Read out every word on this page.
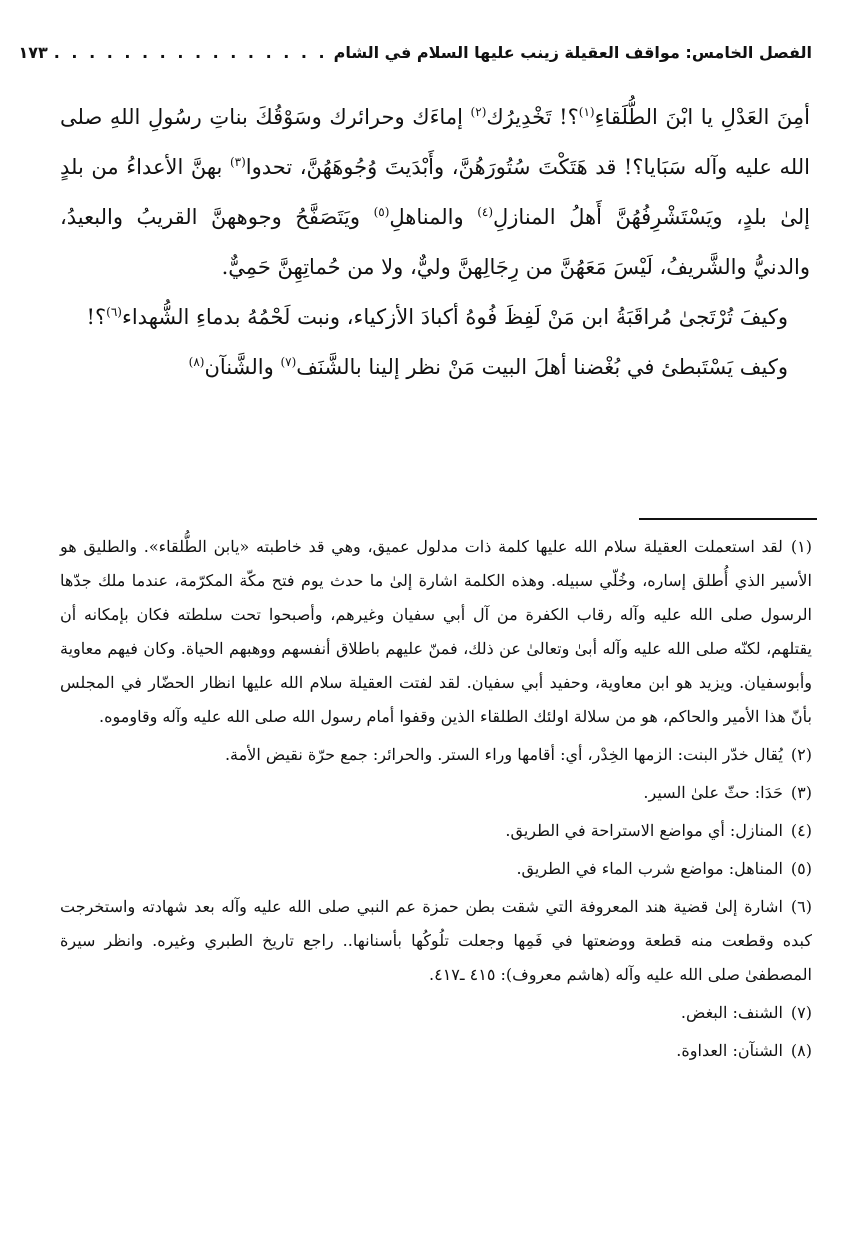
الفصل الخامس: مواقف العقيلة زينب عليها السلام في الشام
. . . . . . . . . . . . . . . .
١٧٣

أمِنَ العَدْلِ يا ابْنَ الطُّلَقاءِ$^{(١)}$؟! تَخْدِيرُك$^{(٢)}$ إماءَك وحرائرك وسَوْقُكَ بناتِ رسُولِ اللهِ صلى الله عليه وآله سَبَايا؟! قد هَتَكْتَ سُتُورَهُنَّ، وأَبْدَيتَ وُجُوهَهُنَّ، تحدوا$^{(٣)}$ بهنَّ الأعداءُ من بلدٍ إلىٰ بلدٍ، ويَسْتَشْرِفُهُنَّ أَهلُ المنازلِ$^{(٤)}$ والمناهلِ$^{(٥)}$ ويَتَصَفَّحُ وجوههنَّ القريبُ والبعيدُ، والدنيُّ والشَّريفُ، لَيْسَ مَعَهُنَّ من رِجَالِهنَّ وليٌّ، ولا من حُماتِهِنَّ حَمِيٌّ.

وكيفَ تُرْتَجىٰ مُراقَبَةُ ابن مَنْ لَفِظَ فُوهُ أكبادَ الأزكياء، ونبت لَحْمُهُ بدماءِ الشُّهداء$^{(٦)}$؟!

وكيف يَسْتَبطئ في بُغْضنا أهلَ البيت مَنْ نظر إلينا بالشَّنَف$^{(٧)}$ والشَّنآن$^{(٨)}$

(١)لقد استعملت العقيلة سلام الله عليها كلمة ذات مدلول عميق، وهي قد خاطبته «يابن الطُّلقاء». والطليق هو الأسير الذي أُطلق إساره، وخُلّي سبيله. وهذه الكلمة اشارة إلىٰ ما حدث يوم فتح مكّة المكرّمة، عندما ملك جدّها الرسول صلى الله عليه وآله رقاب الكفرة من آل أبي سفيان وغيرهم، وأصبحوا تحت سلطته فكان بإمكانه أن يقتلهم، لكنّه صلى الله عليه وآله أبىٰ وتعالىٰ عن ذلك، فمنّ عليهم باطلاق أنفسهم ووهبهم الحياة. وكان فيهم معاوية وأبوسفيان. ويزيد هو ابن معاوية، وحفيد أبي سفيان. لقد لفتت العقيلة سلام الله عليها انظار الحضّار في المجلس بأنّ هذا الأمير والحاكم، هو من سلالة اولئك الطلقاء الذين وقفوا أمام رسول الله صلى الله عليه وآله وقاوموه.

(٢)يُقال خدّر البنت: الزمها الخِدْر، أي: أقامها وراء الستر. والحرائر: جمع حرّة نقيض الأمة.

(٣)حَدَا: حثّ علىٰ السير.

(٤)المنازل: أي مواضع الاستراحة في الطريق.

(٥)المناهل: مواضع شرب الماء في الطريق.

(٦)اشارة إلىٰ قضية هند المعروفة التي شقت بطن حمزة عم النبي صلى الله عليه وآله بعد شهادته واستخرجت كبده وقطعت منه قطعة ووضعتها في فَمِها وجعلت تلُوكُها بأسنانها.. راجع تاريخ الطبري وغيره. وانظر سيرة المصطفىٰ صلى الله عليه وآله (هاشم معروف): ٤١٥ ـ٤١٧.

(٧)الشنف: البغض.

(٨)الشنآن: العداوة.
